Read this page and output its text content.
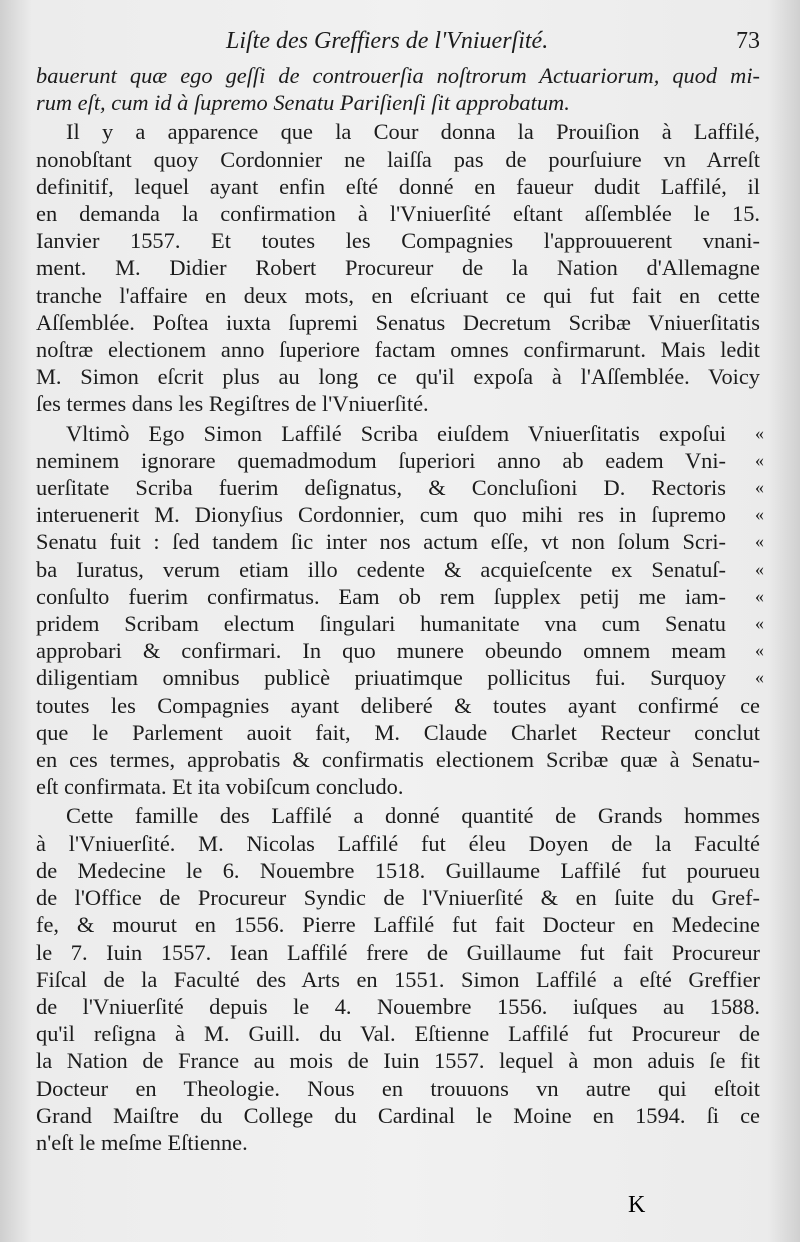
Liſte des Greffiers de l'Vniuerſité.	73
bauerunt quæ ego geſſi de controuerſia noſtrorum Actuariorum, quod mi-
rum eſt, cum id à ſupremo Senatu Pariſienſi ſit approbatum.
Il y a apparence que la Cour donna la Prouiſion à Laffilé,
nonobſtant quoy Cordonnier ne laiſſa pas de pourſuiure vn Arreſt
definitif, lequel ayant enfin eſté donné en faueur dudit Laffilé, il
en demanda la confirmation à l'Vniuerſité eſtant aſſemblée le 15.
Ianvier 1557. Et toutes les Compagnies l'approuuerent vnani-
ment. M. Didier Robert Procureur de la Nation d'Allemagne
tranche l'affaire en deux mots, en eſcriuant ce qui fut fait en cette
Aſſemblée. Poſtea iuxta ſupremi Senatus Decretum Scribæ Vniuerſitatis
noſtræ electionem anno ſuperiore factam omnes confirmarunt. Mais ledit
M. Simon eſcrit plus au long ce qu'il expoſa à l'Aſſemblée. Voicy
ſes termes dans les Regiſtres de l'Vniuerſité.
Vltimò Ego Simon Laffilé Scriba eiuſdem Vniuerſitatis expoſui «
neminem ignorare quemadmodum ſuperiori anno ab eadem Vni- «
uerſitate Scriba fuerim deſignatus, & Concluſioni D. Rectoris «
interuenerit M. Dionyſius Cordonnier, cum quo mihi res in ſupremo «
Senatu fuit : ſed tandem ſic inter nos actum eſſe, vt non ſolum Scri- «
ba Iuratus, verum etiam illo cedente & acquieſcente ex Senatuſ- «
conſulto fuerim confirmatus. Eam ob rem ſupplex petij me iam- «
pridem Scribam electum ſingulari humanitate vna cum Senatu «
approbari & confirmari. In quo munere obeundo omnem meam «
diligentiam omnibus publicè priuatimque pollicitus fui. Surquoy «
toutes les Compagnies ayant deliberé & toutes ayant confirmé ce
que le Parlement auoit fait, M. Claude Charlet Recteur conclut
en ces termes, approbatis & confirmatis electionem Scribæ quæ à Senatu-
eſt confirmata. Et ita vobiſcum concludo.
Cette famille des Laffilé a donné quantité de Grands hommes
à l'Vniuerſité. M. Nicolas Laffilé fut éleu Doyen de la Faculté
de Medecine le 6. Nouembre 1518. Guillaume Laffilé fut pourueu
de l'Office de Procureur Syndic de l'Vniuerſité & en ſuite du Gref-
fe, & mourut en 1556. Pierre Laffilé fut fait Docteur en Medecine
le 7. Iuin 1557. Iean Laffilé frere de Guillaume fut fait Procureur
Fiſcal de la Faculté des Arts en 1551. Simon Laffilé a eſté Greffier
de l'Vniuerſité depuis le 4. Nouembre 1556. iuſques au 1588.
qu'il reſigna à M. Guill. du Val. Eſtienne Laffilé fut Procureur de
la Nation de France au mois de Iuin 1557. lequel à mon aduis ſe fit
Docteur en Theologie. Nous en trouuons vn autre qui eſtoit
Grand Maiſtre du College du Cardinal le Moine en 1594. ſi ce
n'eſt le meſme Eſtienne.
K
